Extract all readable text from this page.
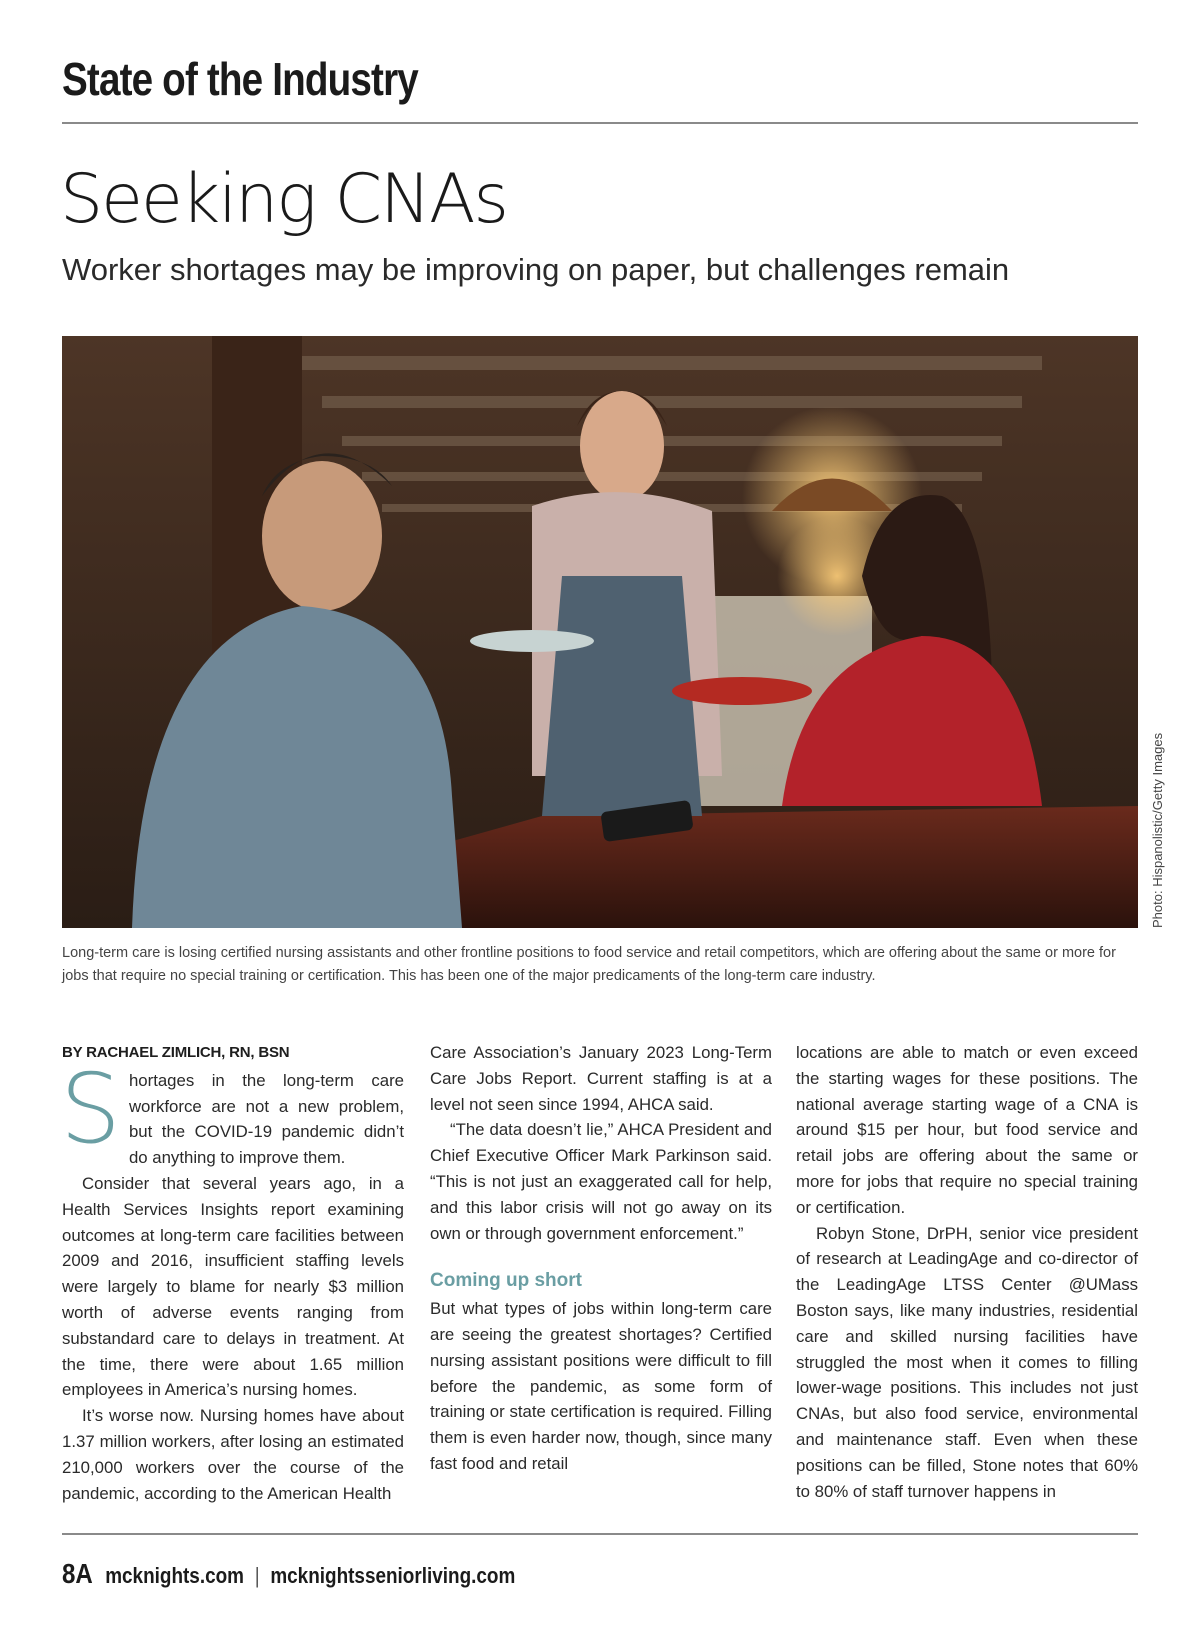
State of the Industry
Seeking CNAs
Worker shortages may be improving on paper, but challenges remain
Photo: Hispanolistic/Getty Images
Long-term care is losing certified nursing assistants and other frontline positions to food service and retail competitors, which are offering about the same or more for jobs that require no special training or certification. This has been one of the major predicaments of the long-term care industry.
BY RACHAEL ZIMLICH, RN, BSN

Shortages in the long-term care workforce are not a new problem, but the COVID-19 pandemic didn’t do anything to improve them.

Consider that several years ago, in a Health Services Insights report examining outcomes at long-term care facilities between 2009 and 2016, insufficient staffing levels were largely to blame for nearly $3 million worth of adverse events ranging from substandard care to delays in treatment. At the time, there were about 1.65 million employees in America’s nursing homes.

It’s worse now. Nursing homes have about 1.37 million workers, after losing an estimated 210,000 workers over the course of the pandemic, according to the American Health

Care Association’s January 2023 Long-Term Care Jobs Report. Current staffing is at a level not seen since 1994, AHCA said.

“The data doesn’t lie,” AHCA President and Chief Executive Officer Mark Parkinson said. “This is not just an exaggerated call for help, and this labor crisis will not go away on its own or through government enforcement.”

Coming up short

But what types of jobs within long-term care are seeing the greatest shortages? Certified nursing assistant positions were difficult to fill before the pandemic, as some form of training or state certification is required. Filling them is even harder now, though, since many fast food and retail

locations are able to match or even exceed the starting wages for these positions. The national average starting wage of a CNA is around $15 per hour, but food service and retail jobs are offering about the same or more for jobs that require no special training or certification.

Robyn Stone, DrPH, senior vice president of research at LeadingAge and co-director of the LeadingAge LTSS Center @UMass Boston says, like many industries, residential care and skilled nursing facilities have struggled the most when it comes to filling lower-wage positions. This includes not just CNAs, but also food service, environmental and maintenance staff. Even when these positions can be filled, Stone notes that 60% to 80% of staff turnover happens in

8A mcknights.com | mcknightsseniorliving.com
